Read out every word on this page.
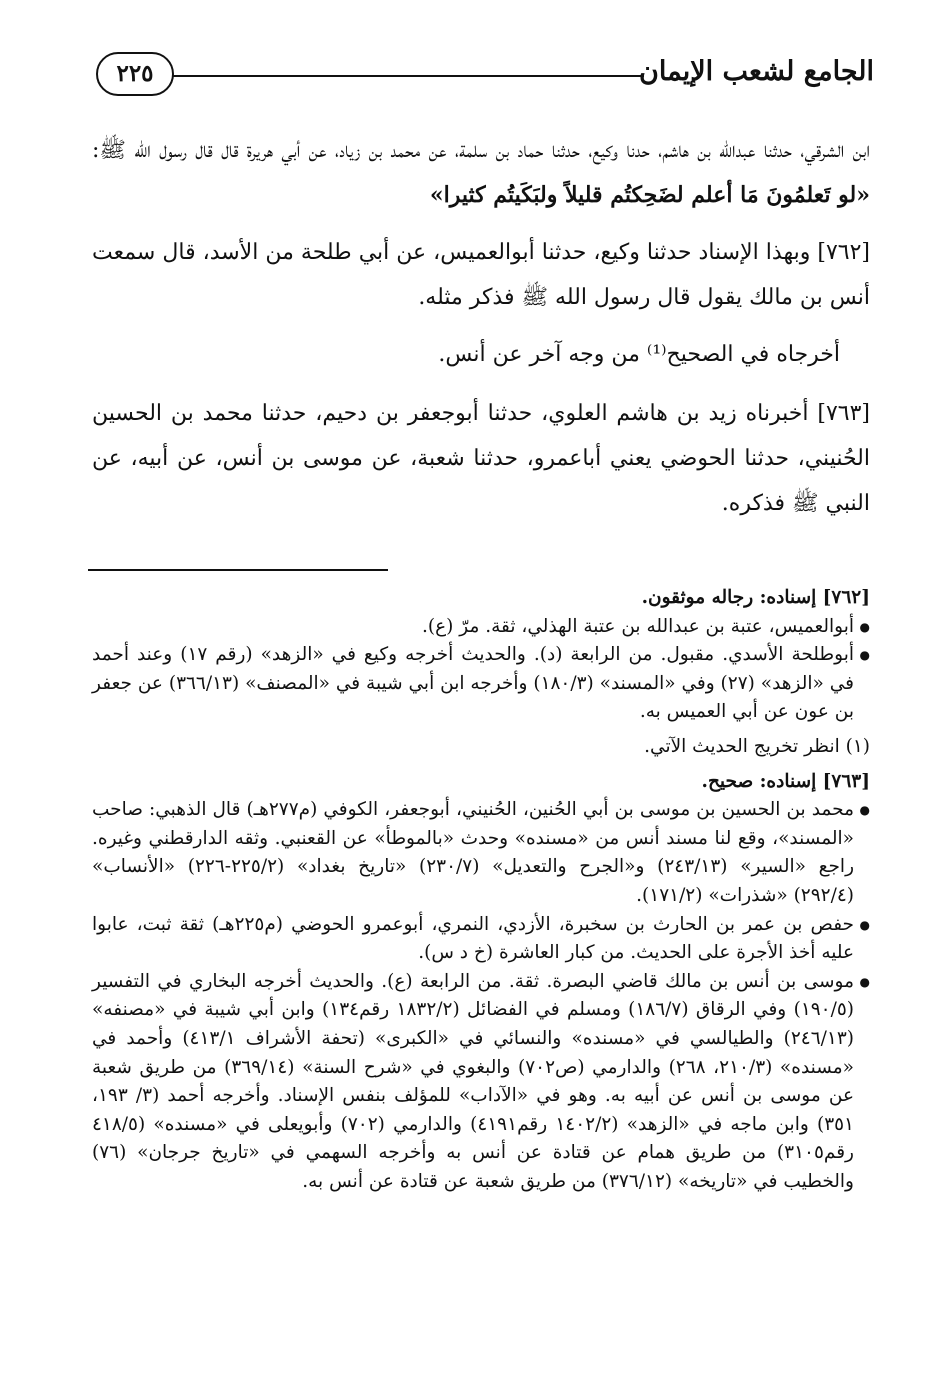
الجامع لشعب الإيمان
٢٢٥

ابن الشرقي، حدثنا عبدالله بن هاشم، حدنا وكيع، حدثنا حماد بن سلمة، عن محمد بن زياد، عن أبي هريرة قال قال رسول الله ﷺ: «لو تَعلمُونَ مَا أعلم لضَحِكتُم قليلاً ولبَكَيتُم كثيرا»

[٧٦٢] وبهذا الإسناد حدثنا وكيع، حدثنا أبوالعميس، عن أبي طلحة من الأسد، قال سمعت أنس بن مالك يقول قال رسول الله ﷺ فذكر مثله.

أخرجاه في الصحيح⁽¹⁾ من وجه آخر عن أنس.

[٧٦٣] أخبرناه زيد بن هاشم العلوي، حدثنا أبوجعفر بن دحيم، حدثنا محمد بن الحسين الحُنيني، حدثنا الحوضي يعني أباعمرو، حدثنا شعبة، عن موسى بن أنس، عن أبيه، عن النبي ﷺ فذكره.

[٧٦٢] إسناده: رجاله موثقون.

● أبوالعميس، عتبة بن عبدالله بن عتبة الهذلي، ثقة. مرّ (ع).
● أبوطلحة الأسدي. مقبول. من الرابعة (د). والحديث أخرجه وكيع في «الزهد» (رقم ١٧) وعند أحمد في «الزهد» (٢٧) وفي «المسند» (١٨٠/٣) وأخرجه ابن أبي شيبة في «المصنف» (٣٦٦/١٣) عن جعفر بن عون عن أبي العميس به.

(١) انظر تخريج الحديث الآتي.

[٧٦٣] إسناده: صحيح.

● محمد بن الحسين بن موسى بن أبي الحُنين، الحُنيني، أبوجعفر، الكوفي (م٢٧٧هـ) قال الذهبي: صاحب «المسند»، وقع لنا مسند أنس من «مسنده» وحدث «بالموطأ» عن القعنبي. وثقه الدارقطني وغيره. راجع «السير» (٢٤٣/١٣) و«الجرح والتعديل» (٢٣٠/٧) «تاريخ بغداد» (٢٢٥/٢-٢٢٦) «الأنساب» (٢٩٢/٤) «شذرات» (١٧١/٢).
● حفص بن عمر بن الحارث بن سخبرة، الأزدي، النمري، أبوعمرو الحوضي (م٢٢٥هـ) ثقة ثبت، عابوا عليه أخذ الأجرة على الحديث. من كبار العاشرة (خ د س).
● موسى بن أنس بن مالك قاضي البصرة. ثقة. من الرابعة (ع). والحديث أخرجه البخاري في التفسير (١٩٠/٥) وفي الرقاق (١٨٦/٧) ومسلم في الفضائل (١٨٣٢/٢ رقم١٣٤) وابن أبي شيبة في «مصنفه» (٢٤٦/١٣) والطيالسي في «مسنده» والنسائي في «الكبرى» (تحفة الأشراف ٤١٣/١) وأحمد في «مسنده» (٢١٠/٣، ٢٦٨) والدارمي (ص٧٠٢) والبغوي في «شرح السنة» (٣٦٩/١٤) من طريق شعبة عن موسى بن أنس عن أبيه به. وهو في «الآداب» للمؤلف بنفس الإسناد. وأخرجه أحمد (٣/ ١٩٣، ٣٥١) وابن ماجه في «الزهد» (١٤٠٢/٢ رقم٤١٩١) والدارمي (٧٠٢) وأبويعلى في «مسنده» (٤١٨/٥ رقم٣١٠٥) من طريق همام عن قتادة عن أنس به وأخرجه السهمي في «تاريخ جرجان» (٧٦) والخطيب في «تاريخه» (٣٧٦/١٢) من طريق شعبة عن قتادة عن أنس به.
